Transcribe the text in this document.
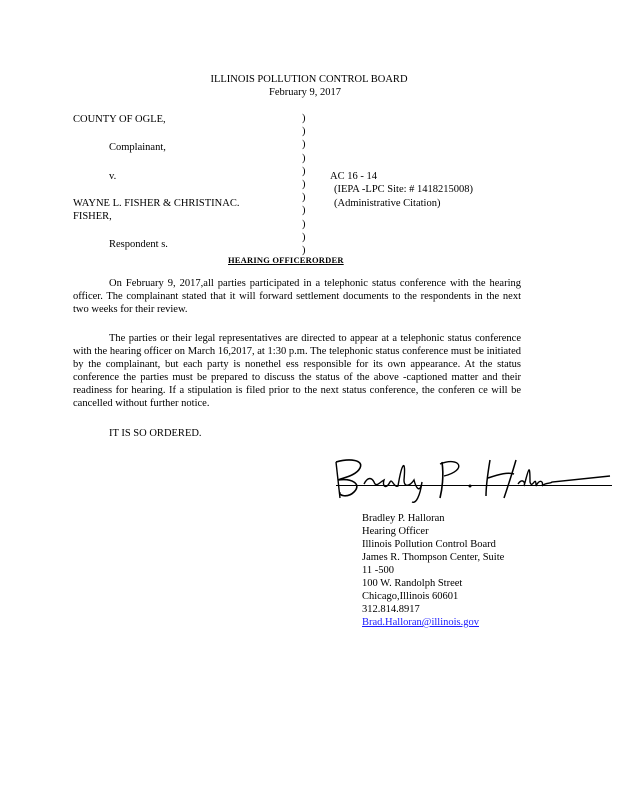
ILLINOIS POLLUTION CONTROL BOARD
February 9, 2017
COUNTY OF OGLE,
Complainant,
v.
WAYNE L. FISHER & CHRISTINAC.
FISHER,
Respondent s.
)
)
)
)
)
)
)
)
)
)
)
AC 16 - 14
(IEPA -LPC Site: # 1418215008)
(Administrative Citation)
HEARING OFFICERORDER
On February 9, 2017,all parties participated in a telephonic status conference with the hearing officer. The complainant stated that it will forward settlement documents to the respondents in the next two weeks for their review.
The parties or their legal representatives are directed to appear at a telephonic status conference with the hearing officer on March 16,2017, at 1:30 p.m. The telephonic status conference must be initiated by the complainant, but each party is nonethel ess responsible for its own appearance. At the status conference the parties must be prepared to discuss the status of the above -captioned matter and their readiness for hearing. If a stipulation is filed prior to the next status conference, the conferen ce will be cancelled without further notice.
IT IS SO ORDERED.
Bradley P. Halloran
Hearing Officer
Illinois Pollution Control Board
James R. Thompson Center, Suite
11 -500
100 W. Randolph Street
Chicago,Illinois 60601
312.814.8917
Brad.Halloran@illinois.gov
